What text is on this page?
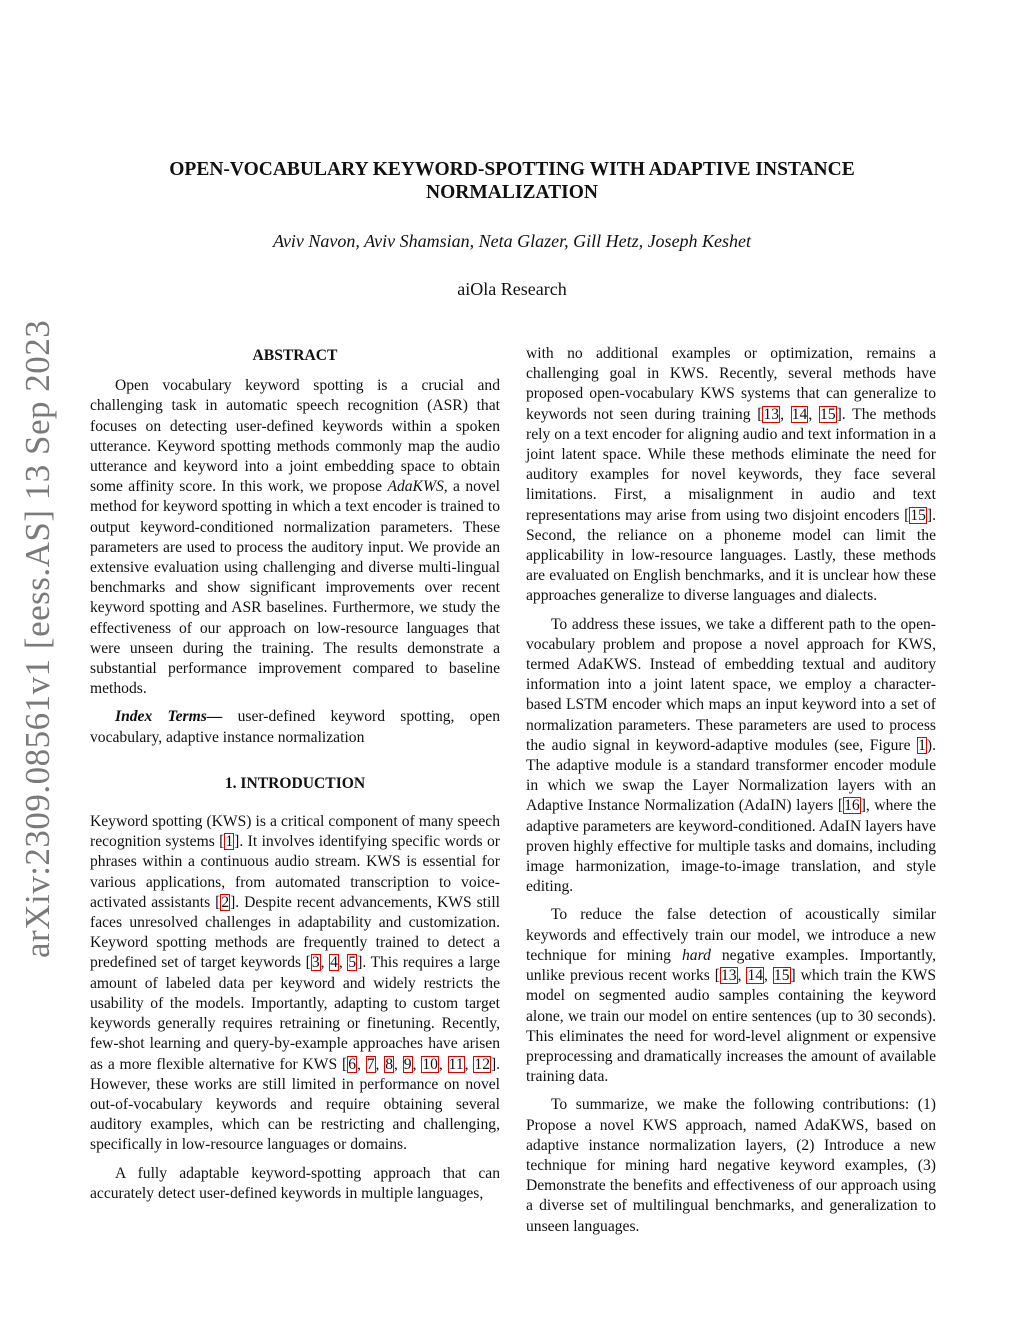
arXiv:2309.08561v1 [eess.AS] 13 Sep 2023
OPEN-VOCABULARY KEYWORD-SPOTTING WITH ADAPTIVE INSTANCE
NORMALIZATION
Aviv Navon, Aviv Shamsian, Neta Glazer, Gill Hetz, Joseph Keshet
aiOla Research
ABSTRACT

Open vocabulary keyword spotting is a crucial and challenging task in automatic speech recognition (ASR) that focuses on detecting user-defined keywords within a spoken utterance. Keyword spotting methods commonly map the audio utterance and keyword into a joint embedding space to obtain some affinity score. In this work, we propose AdaKWS, a novel method for keyword spotting in which a text encoder is trained to output keyword-conditioned normalization parameters. These parameters are used to process the auditory input. We provide an extensive evaluation using challenging and diverse multi-lingual benchmarks and show significant improvements over recent keyword spotting and ASR baselines. Furthermore, we study the effectiveness of our approach on low-resource languages that were unseen during the training. The results demonstrate a substantial performance improvement compared to baseline methods.

Index Terms— user-defined keyword spotting, open vocabulary, adaptive instance normalization

1. INTRODUCTION

Keyword spotting (KWS) is a critical component of many speech recognition systems [1]. It involves identifying specific words or phrases within a continuous audio stream. KWS is essential for various applications, from automated transcription to voice-activated assistants [2]. Despite recent advancements, KWS still faces unresolved challenges in adaptability and customization. Keyword spotting methods are frequently trained to detect a predefined set of target keywords [3, 4, 5]. This requires a large amount of labeled data per keyword and widely restricts the usability of the models. Importantly, adapting to custom target keywords generally requires retraining or finetuning. Recently, few-shot learning and query-by-example approaches have arisen as a more flexible alternative for KWS [6, 7, 8, 9, 10, 11, 12]. However, these works are still limited in performance on novel out-of-vocabulary keywords and require obtaining several auditory examples, which can be restricting and challenging, specifically in low-resource languages or domains.

A fully adaptable keyword-spotting approach that can accurately detect user-defined keywords in multiple languages,

with no additional examples or optimization, remains a challenging goal in KWS. Recently, several methods have proposed open-vocabulary KWS systems that can generalize to keywords not seen during training [13, 14, 15]. The methods rely on a text encoder for aligning audio and text information in a joint latent space. While these methods eliminate the need for auditory examples for novel keywords, they face several limitations. First, a misalignment in audio and text representations may arise from using two disjoint encoders [15]. Second, the reliance on a phoneme model can limit the applicability in low-resource languages. Lastly, these methods are evaluated on English benchmarks, and it is unclear how these approaches generalize to diverse languages and dialects.

To address these issues, we take a different path to the open-vocabulary problem and propose a novel approach for KWS, termed AdaKWS. Instead of embedding textual and auditory information into a joint latent space, we employ a character-based LSTM encoder which maps an input keyword into a set of normalization parameters. These parameters are used to process the audio signal in keyword-adaptive modules (see, Figure 1). The adaptive module is a standard transformer encoder module in which we swap the Layer Normalization layers with an Adaptive Instance Normalization (AdaIN) layers [16], where the adaptive parameters are keyword-conditioned. AdaIN layers have proven highly effective for multiple tasks and domains, including image harmonization, image-to-image translation, and style editing.

To reduce the false detection of acoustically similar keywords and effectively train our model, we introduce a new technique for mining hard negative examples. Importantly, unlike previous recent works [13, 14, 15] which train the KWS model on segmented audio samples containing the keyword alone, we train our model on entire sentences (up to 30 seconds). This eliminates the need for word-level alignment or expensive preprocessing and dramatically increases the amount of available training data.

To summarize, we make the following contributions: (1) Propose a novel KWS approach, named AdaKWS, based on adaptive instance normalization layers, (2) Introduce a new technique for mining hard negative keyword examples, (3) Demonstrate the benefits and effectiveness of our approach using a diverse set of multilingual benchmarks, and generalization to unseen languages.
